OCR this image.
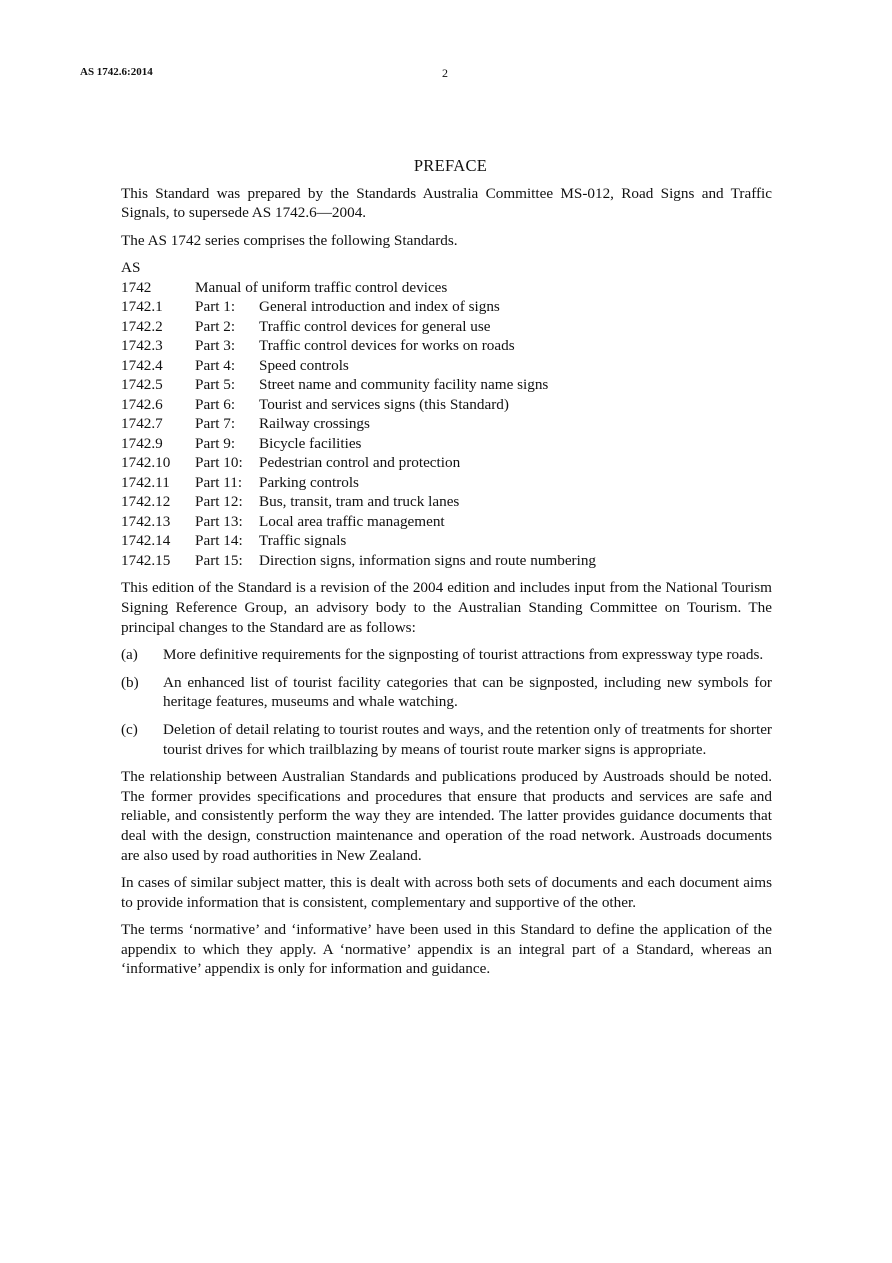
AS 1742.6:2014	2
PREFACE

This Standard was prepared by the Standards Australia Committee MS-012, Road Signs and Traffic Signals, to supersede AS 1742.6—2004.

The AS 1742 series comprises the following Standards.

AS
1742	Manual of uniform traffic control devices
1742.1	Part 1:	General introduction and index of signs
1742.2	Part 2:	Traffic control devices for general use
1742.3	Part 3:	Traffic control devices for works on roads
1742.4	Part 4:	Speed controls
1742.5	Part 5:	Street name and community facility name signs
1742.6	Part 6:	Tourist and services signs (this Standard)
1742.7	Part 7:	Railway crossings
1742.9	Part 9:	Bicycle facilities
1742.10	Part 10:	Pedestrian control and protection
1742.11	Part 11:	Parking controls
1742.12	Part 12:	Bus, transit, tram and truck lanes
1742.13	Part 13:	Local area traffic management
1742.14	Part 14:	Traffic signals
1742.15	Part 15:	Direction signs, information signs and route numbering

This edition of the Standard is a revision of the 2004 edition and includes input from the National Tourism Signing Reference Group, an advisory body to the Australian Standing Committee on Tourism. The principal changes to the Standard are as follows:

(a)	More definitive requirements for the signposting of tourist attractions from expressway type roads.
(b)	An enhanced list of tourist facility categories that can be signposted, including new symbols for heritage features, museums and whale watching.
(c)	Deletion of detail relating to tourist routes and ways, and the retention only of treatments for shorter tourist drives for which trailblazing by means of tourist route marker signs is appropriate.

The relationship between Australian Standards and publications produced by Austroads should be noted. The former provides specifications and procedures that ensure that products and services are safe and reliable, and consistently perform the way they are intended. The latter provides guidance documents that deal with the design, construction maintenance and operation of the road network. Austroads documents are also used by road authorities in New Zealand.

In cases of similar subject matter, this is dealt with across both sets of documents and each document aims to provide information that is consistent, complementary and supportive of the other.

The terms ‘normative’ and ‘informative’ have been used in this Standard to define the application of the appendix to which they apply. A ‘normative’ appendix is an integral part of a Standard, whereas an ‘informative’ appendix is only for information and guidance.
